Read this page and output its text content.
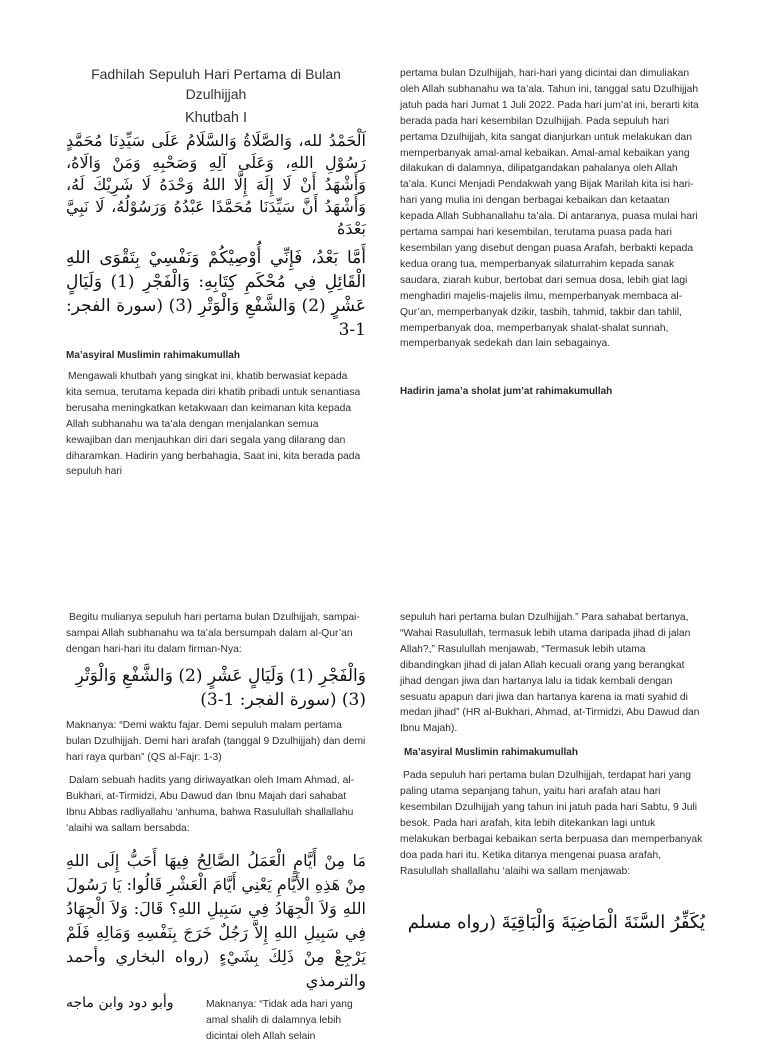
Fadhilah Sepuluh Hari Pertama di Bulan Dzulhijjah

Khutbah I

اَلْحَمْدُ لله، وَالصَّلَاةُ وَالسَّلَامُ عَلَى سَيِّدِنَا مُحَمَّدٍ رَسُوْلِ اللهِ، وَعَلَى آلِهِ وَصَحْبِهِ وَمَنْ وَالَاهُ، وَأَشْهَدُ أَنْ لَا إِلَهَ إِلَّا اللهُ وَحْدَهُ لَا شَرِيْكَ لَهُ، وَأَشْهَدُ أَنَّ سَيِّدَنَا مُحَمَّدًا عَبْدُهُ وَرَسُوْلُهُ، لَا نَبِيَّ بَعْدَهُ

أَمَّا بَعْدُ، فَإِنِّي أُوْصِيْكُمْ وَنَفْسِيْ بِتَقْوَى اللهِ الْقَائِلِ فِي مُحْكَمِ كِتَابِهِ: وَالْفَجْرِ (1) وَلَيَالٍ عَشْرٍ (2) وَالشَّفْعِ وَالْوَتْرِ (3) (سورة الفجر: 1-3

Ma’asyiral Muslimin rahimakumullah

Mengawali khutbah yang singkat ini, khatib berwasiat kepada kita semua, terutama kepada diri khatib pribadi untuk senantiasa berusaha meningkatkan ketakwaan dan keimanan kita kepada Allah subhanahu wa ta’ala dengan menjalankan semua kewajiban dan menjauhkan diri dari segala yang dilarang dan diharamkan. Hadirin yang berbahagia, Saat ini, kita berada pada sepuluh hari

pertama bulan Dzulhijjah, hari-hari yang dicintai dan dimuliakan oleh Allah subhanahu wa ta’ala. Tahun ini, tanggal satu Dzulhijjah jatuh pada hari Jumat 1 Juli 2022. Pada hari jum’at ini, berarti kita berada pada hari kesembilan Dzulhijjah. Pada sepuluh hari pertama Dzulhijjah, kita sangat dianjurkan untuk melakukan dan memperbanyak amal-amal kebaikan. Amal-amal kebaikan yang dilakukan di dalamnya, dilipatgandakan pahalanya oleh Allah ta’ala. Kunci Menjadi Pendakwah yang Bijak Marilah kita isi hari-hari yang mulia ini dengan berbagai kebaikan dan ketaatan kepada Allah Subhanallahu ta’ala. Di antaranya, puasa mulai hari pertama sampai hari kesembilan, terutama puasa pada hari kesembilan yang disebut dengan puasa Arafah, berbakti kepada kedua orang tua, memperbanyak silaturrahim kepada sanak saudara, ziarah kubur, bertobat dari semua dosa, lebih giat lagi menghadiri majelis-majelis ilmu, memperbanyak membaca al-Qur’an, memperbanyak dzikir, tasbih, tahmid, takbir dan tahlil, memperbanyak doa, memperbanyak shalat-shalat sunnah, memperbanyak sedekah dan lain sebagainya.

Hadirin jama’a sholat jum’at rahimakumullah

Begitu mulianya sepuluh hari pertama bulan Dzulhijjah, sampai-sampai Allah subhanahu wa ta’ala bersumpah dalam al-Qur’an dengan hari-hari itu dalam firman-Nya:

وَالْفَجْرِ (1) وَلَيَالٍ عَشْرٍ (2) وَالشَّفْعِ وَالْوَتْرِ (3) (سورة الفجر: 1-3)

Maknanya: “Demi waktu fajar. Demi sepuluh malam pertama bulan Dzulhijjah. Demi hari arafah (tanggal 9 Dzulhijjah) dan demi hari raya qurban” (QS al-Fajr: 1-3)

Dalam sebuah hadits yang diriwayatkan oleh Imam Ahmad, al-Bukhari, at-Tirmidzi, Abu Dawud dan Ibnu Majah dari sahabat Ibnu Abbas radliyallahu ‘anhuma, bahwa Rasulullah shallallahu ‘alaihi wa sallam bersabda:

مَا مِنْ أَيَّامٍ الْعَمَلُ الصَّالِحُ فِيهَا أَحَبُّ إِلَى اللهِ مِنْ هَذِهِ الأَيَّامِ يَعْنِي أَيَّامَ الْعَشْرِ قَالُوا: يَا رَسُولَ اللهِ وَلاَ الْجِهَادُ فِي سَبِيلِ اللهِ؟ قَالَ: وَلاَ الْجِهَادُ فِي سَبِيلِ اللهِ إِلاَّ رَجُلٌ خَرَجَ بِنَفْسِهِ وَمَالِهِ فَلَمْ يَرْجِعْ مِنْ ذَلِكَ بِشَيْءٍ (رواه البخاري وأحمد والترمذي

وأبو دود وابن ماجه	Maknanya: “Tidak ada hari yang amal shalih di dalamnya lebih dicintai oleh Allah selain

sepuluh hari pertama bulan Dzulhijjah.” Para sahabat bertanya, “Wahai Rasulullah, termasuk lebih utama daripada jihad di jalan Allah?,” Rasulullah menjawab, “Termasuk lebih utama dibandingkan jihad di jalan Allah kecuali orang yang berangkat jihad dengan jiwa dan hartanya lalu ia tidak kembali dengan sesuatu apapun dari jiwa dan hartanya karena ia mati syahid di medan jihad” (HR al-Bukhari, Ahmad, at-Tirmidzi, Abu Dawud dan Ibnu Majah).

Ma’asyiral Muslimin rahimakumullah

Pada sepuluh hari pertama bulan Dzulhijjah, terdapat hari yang paling utama sepanjang tahun, yaitu hari arafah atau hari kesembilan Dzulhijjah yang tahun ini jatuh pada hari Sabtu, 9 Juli besok. Pada hari arafah, kita lebih ditekankan lagi untuk melakukan berbagai kebaikan serta berpuasa dan memperbanyak doa pada hari itu. Ketika ditanya mengenai puasa arafah, Rasulullah shallallahu ‘alaihi wa sallam menjawab:

يُكَفِّرُ السَّنَةَ الْمَاضِيَةَ وَالْبَاقِيَةَ (رواه مسلم
